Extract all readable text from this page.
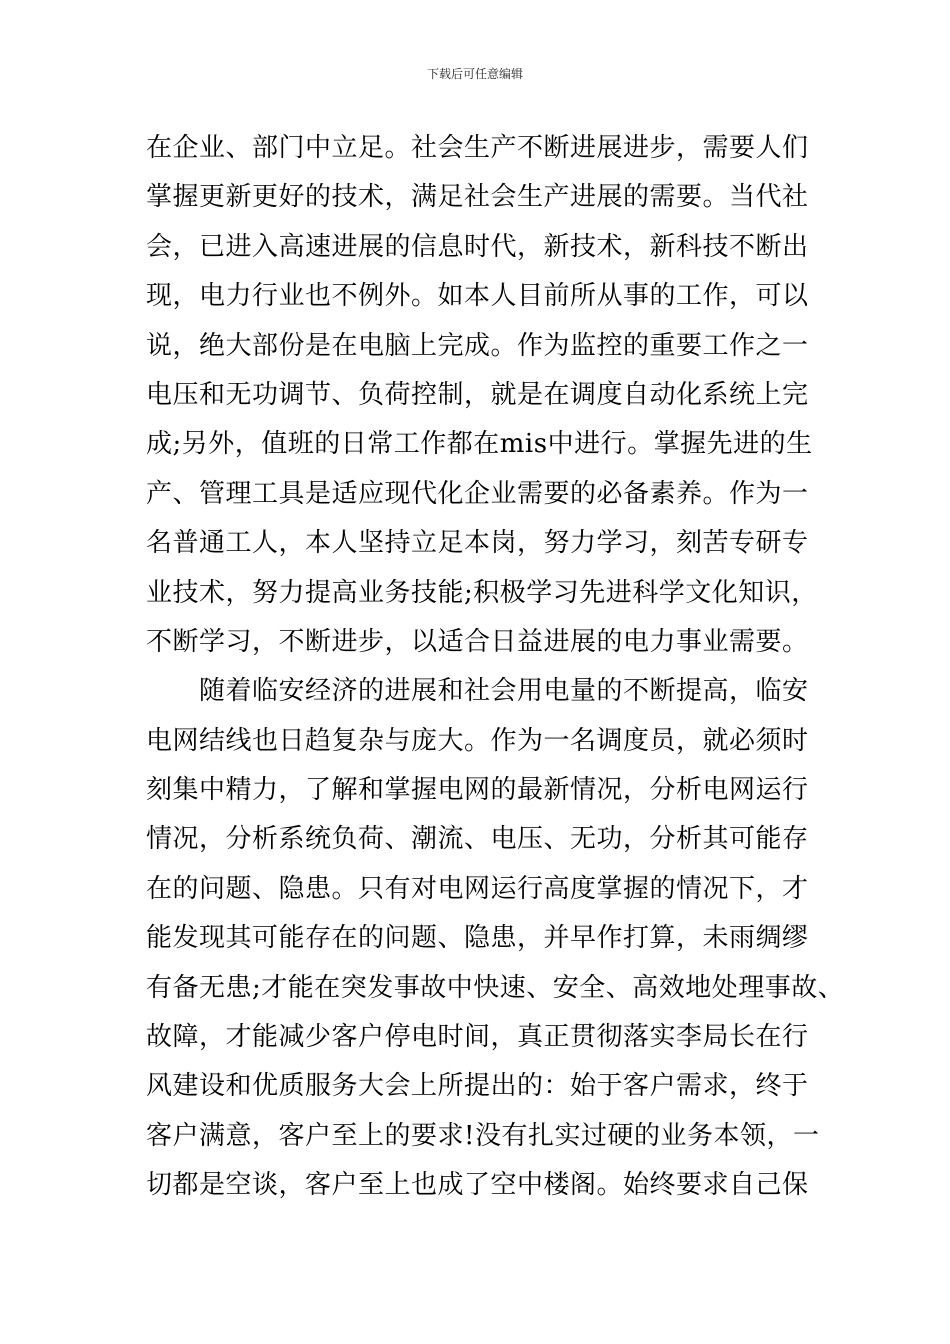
下载后可任意编辑
在企业、部门中立足。社会生产不断进展进步，需要人们
掌握更新更好的技术，满足社会生产进展的需要。当代社
会，已进入高速进展的信息时代，新技术，新科技不断出
现，电力行业也不例外。如本人目前所从事的工作，可以
说，绝大部份是在电脑上完成。作为监控的重要工作之一
电压和无功调节、负荷控制，就是在调度自动化系统上完
成;另外，值班的日常工作都在mis中进行。掌握先进的生
产、管理工具是适应现代化企业需要的必备素养。作为一
名普通工人，本人坚持立足本岗，努力学习，刻苦专研专
业技术，努力提高业务技能;积极学习先进科学文化知识，
不断学习，不断进步，以适合日益进展的电力事业需要。
　　随着临安经济的进展和社会用电量的不断提高，临安
电网结线也日趋复杂与庞大。作为一名调度员，就必须时
刻集中精力，了解和掌握电网的最新情况，分析电网运行
情况，分析系统负荷、潮流、电压、无功，分析其可能存
在的问题、隐患。只有对电网运行高度掌握的情况下，才
能发现其可能存在的问题、隐患，并早作打算，未雨绸缪
有备无患;才能在突发事故中快速、安全、高效地处理事故、
故障，才能减少客户停电时间，真正贯彻落实李局长在行
风建设和优质服务大会上所提出的：始于客户需求，终于
客户满意，客户至上的要求!没有扎实过硬的业务本领，一
切都是空谈，客户至上也成了空中楼阁。始终要求自己保
